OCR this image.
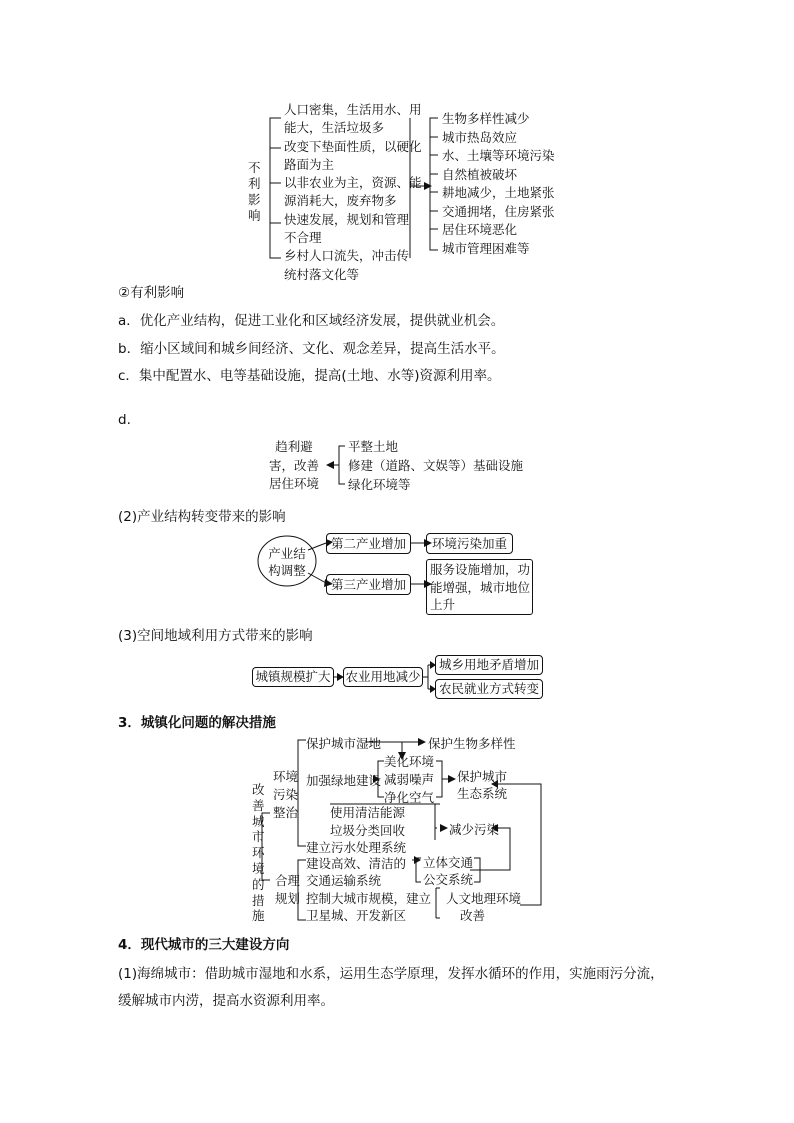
不
利
影
响
人口密集，生活用水、用
能大，生活垃圾多
改变下垫面性质，以硬化
路面为主
以非农业为主，资源、能
源消耗大，废弃物多
快速发展，规划和管理
不合理
乡村人口流失，冲击传
统村落文化等
生物多样性减少
城市热岛效应
水、土壤等环境污染
自然植被破坏
耕地减少，土地紧张
交通拥堵，住房紧张
居住环境恶化
城市管理困难等
②有利影响
a．优化产业结构，促进工业化和区域经济发展，提供就业机会。
b．缩小区域间和城乡间经济、文化、观念差异，提高生活水平。
c．集中配置水、电等基础设施，提高(土地、水等)资源利用率。
d.
趋利避
害，改善
居住环境
平整土地
修建（道路、文娱等）基础设施
绿化环境等
(2)产业结构转变带来的影响
产业结
构调整
第二产业增加	环境污染加重
第三产业增加
服务设施增加，功
能增强，城市地位
上升
(3)空间地域利用方式带来的影响
城镇规模扩大 农业用地减少
城乡用地矛盾增加
农民就业方式转变
3．城镇化问题的解决措施
改
善
城
市
环
境
的
措
施
环境
污染
整治
合理
规划
保护城市湿地	保护生物多样性
加强绿地建设
美化环境
减弱噪声
净化空气
保护城市
生态系统
使用清洁能源
垃圾分类回收
建立污水处理系统
减少污染
建设高效、清洁的
交通运输系统
立体交通
公交系统
控制大城市规模，建立
卫星城、开发新区
人文地理环境
改善
4．现代城市的三大建设方向
(1)海绵城市：借助城市湿地和水系，运用生态学原理，发挥水循环的作用，实施雨污分流，
缓解城市内涝，提高水资源利用率。
